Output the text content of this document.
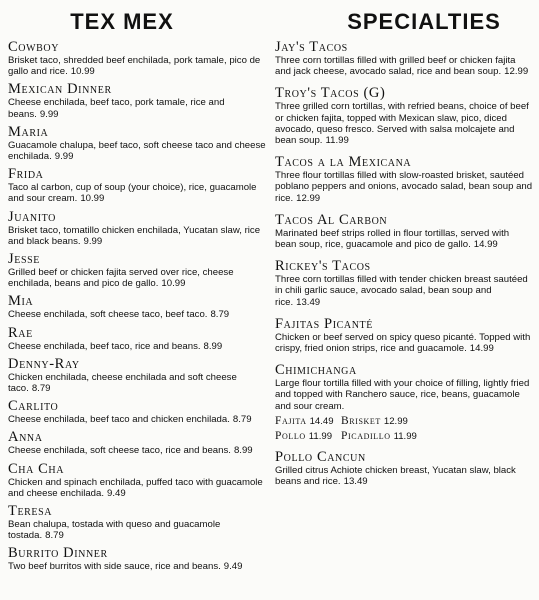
TEX MEX
Cowboy
Brisket taco, shredded beef enchilada, pork tamale, pico de gallo and rice. 10.99
Mexican Dinner
Cheese enchilada, beef taco, pork tamale, rice and beans. 9.99
Maria
Guacamole chalupa, beef taco, soft cheese taco and cheese enchilada. 9.99
Frida
Taco al carbon, cup of soup (your choice), rice, guacamole and sour cream. 10.99
Juanito
Brisket taco, tomatillo chicken enchilada, Yucatan slaw, rice and black beans. 9.99
Jesse
Grilled beef or chicken fajita served over rice, cheese enchilada, beans and pico de gallo. 10.99
Mia
Cheese enchilada, soft cheese taco, beef taco. 8.79
Rae
Cheese enchilada, beef taco, rice and beans. 8.99
Denny-Ray
Chicken enchilada, cheese enchilada and soft cheese taco. 8.79
Carlito
Cheese enchilada, beef taco and chicken enchilada. 8.79
Anna
Cheese enchilada, soft cheese taco, rice and beans. 8.99
Cha Cha
Chicken and spinach enchilada, puffed taco with guacamole and cheese enchilada. 9.49
Teresa
Bean chalupa, tostada with queso and guacamole tostada. 8.79
Burrito Dinner
Two beef burritos with side sauce, rice and beans. 9.49
SPECIALTIES
Jay's Tacos
Three corn tortillas filled with grilled beef or chicken fajita and jack cheese, avocado salad, rice and bean soup. 12.99
Troy's Tacos (G)
Three grilled corn tortillas, with refried beans, choice of beef or chicken fajita, topped with Mexican slaw, pico, diced avocado, queso fresco. Served with salsa molcajete and bean soup. 11.99
Tacos a la Mexicana
Three flour tortillas filled with slow-roasted brisket, sautéed poblano peppers and onions, avocado salad, bean soup and rice. 12.99
Tacos Al Carbon
Marinated beef strips rolled in flour tortillas, served with bean soup, rice, guacamole and pico de gallo. 14.99
Rickey's Tacos
Three corn tortillas filled with tender chicken breast sautéed in chili garlic sauce, avocado salad, bean soup and rice. 13.49
Fajitas Picanté
Chicken or beef served on spicy queso picanté. Topped with crispy, fried onion strips, rice and guacamole. 14.99
Chimichanga
Large flour tortilla filled with your choice of filling, lightly fried and topped with Ranchero sauce, rice, beans, guacamole and sour cream.
Fajita 14.49 Brisket 12.99
Pollo 11.99 Picadillo 11.99
Pollo Cancun
Grilled citrus Achiote chicken breast, Yucatan slaw, black beans and rice. 13.49
